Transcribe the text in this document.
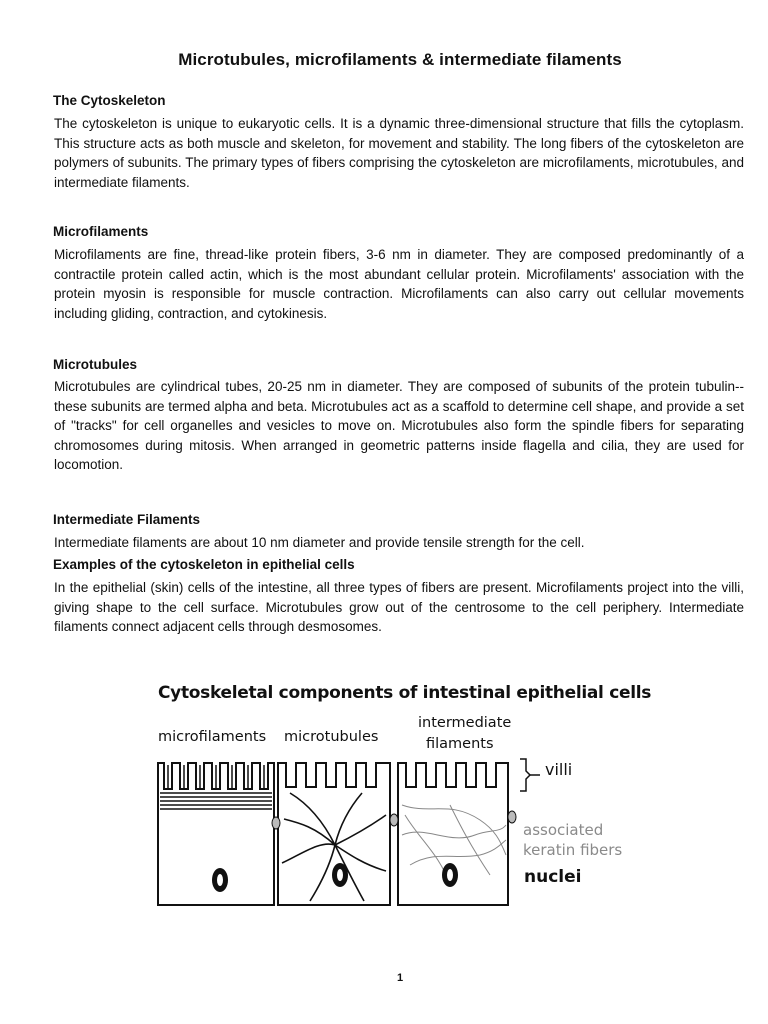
Microtubules, microfilaments & intermediate filaments
The Cytoskeleton
The cytoskeleton is unique to eukaryotic cells. It is a dynamic three-dimensional structure that fills the cytoplasm. This structure acts as both muscle and skeleton, for movement and stability. The long fibers of the cytoskeleton are polymers of subunits. The primary types of fibers comprising the cytoskeleton are microfilaments, microtubules, and intermediate filaments.
Microfilaments
Microfilaments are fine, thread-like protein fibers, 3-6 nm in diameter. They are composed predominantly of a contractile protein called actin, which is the most abundant cellular protein. Microfilaments' association with the protein myosin is responsible for muscle contraction. Microfilaments can also carry out cellular movements including gliding, contraction, and cytokinesis.
Microtubules
Microtubules are cylindrical tubes, 20-25 nm in diameter. They are composed of subunits of the protein tubulin--these subunits are termed alpha and beta. Microtubules act as a scaffold to determine cell shape, and provide a set of "tracks" for cell organelles and vesicles to move on. Microtubules also form the spindle fibers for separating chromosomes during mitosis. When arranged in geometric patterns inside flagella and cilia, they are used for locomotion.
Intermediate Filaments
Intermediate filaments are about 10 nm diameter and provide tensile strength for the cell.
Examples of the cytoskeleton in epithelial cells
In the epithelial (skin) cells of the intestine, all three types of fibers are present. Microfilaments project into the villi, giving shape to the cell surface. Microtubules grow out of the centrosome to the cell periphery. Intermediate filaments connect adjacent cells through desmosomes.
Cytoskeletal components of intestinal epithelial cells
microfilaments microtubules
intermediate
filaments
villi
associated
keratin fibers
nuclei
1
